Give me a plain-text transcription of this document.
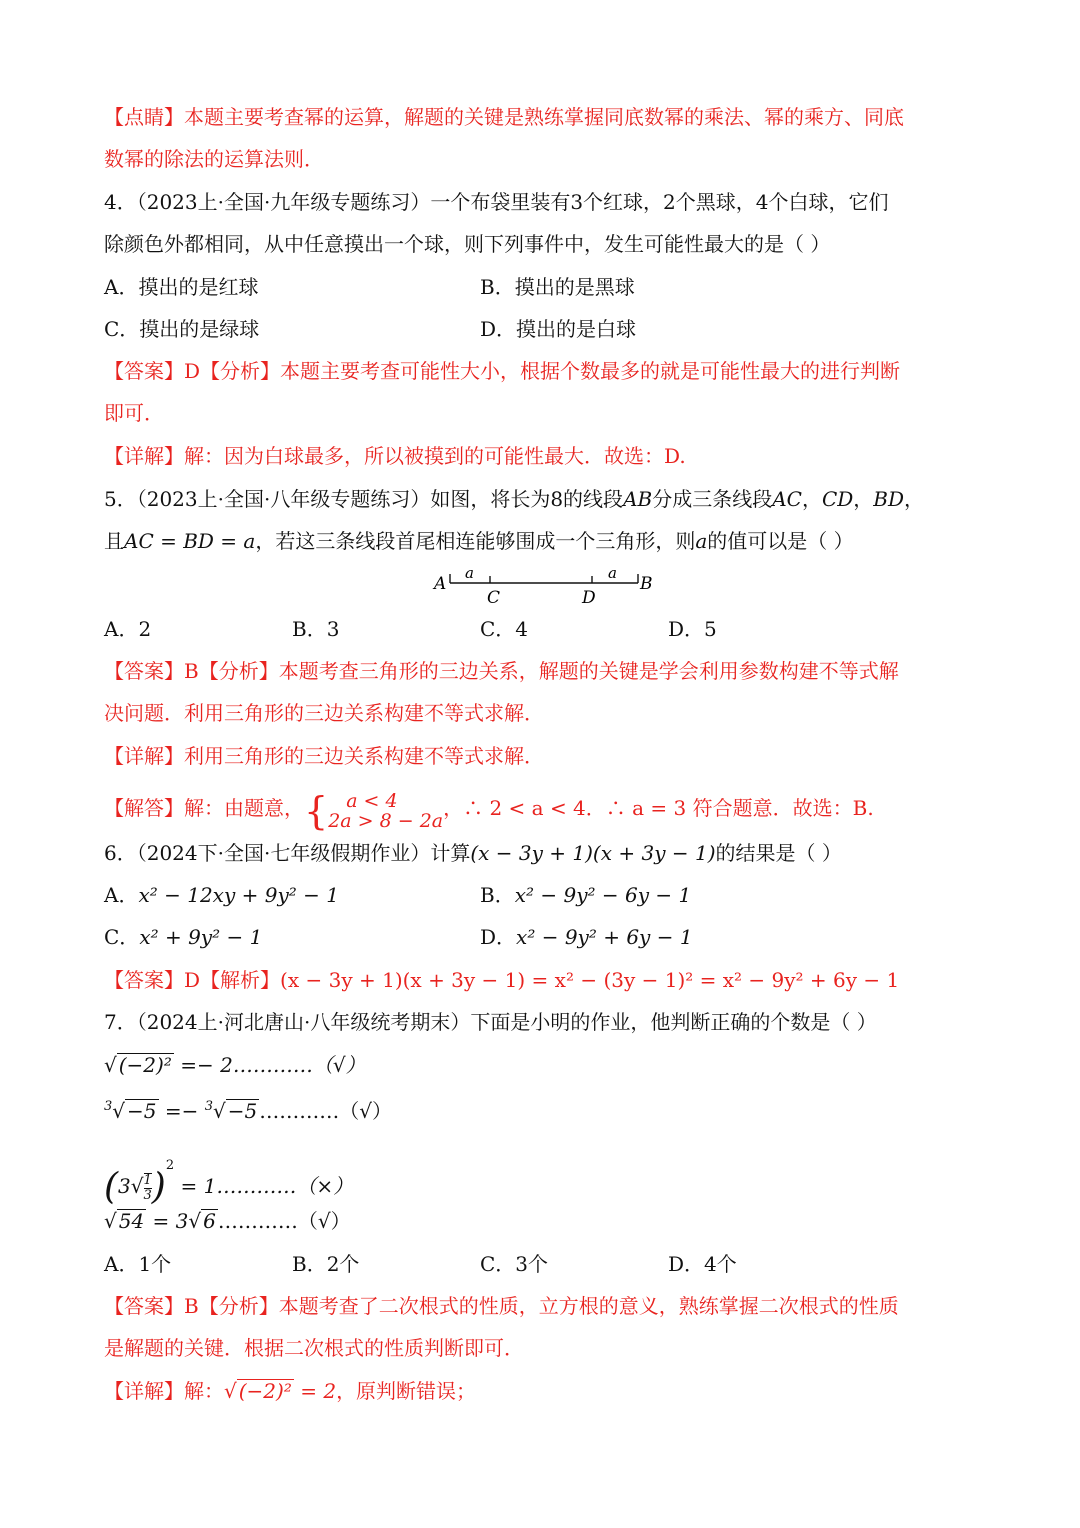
【点睛】本题主要考查幂的运算，解题的关键是熟练掌握同底数幂的乘法、幂的乘方、同底
数幂的除法的运算法则．
4．（2023上·全国·九年级专题练习）一个布袋里装有3个红球，2个黑球，4个白球，它们
除颜色外都相同，从中任意摸出一个球，则下列事件中，发生可能性最大的是（ ）
A．摸出的是红球	B．摸出的是黑球
C．摸出的是绿球	D．摸出的是白球
【答案】D【分析】本题主要考查可能性大小，根据个数最多的就是可能性最大的进行判断
即可．
【详解】解：因为白球最多，所以被摸到的可能性最大．故选：D.
5．（2023上·全国·八年级专题练习）如图，将长为8的线段AB分成三条线段AC，CD，BD，
且AC = BD = a，若这三条线段首尾相连能够围成一个三角形，则a的值可以是（ ）
A	B
a	a
C	D
A．2	B．3	C．4	D．5
【答案】B【分析】本题考查三角形的三边关系，解题的关键是学会利用参数构建不等式解
决问题．利用三角形的三边关系构建不等式求解．
【详解】利用三角形的三边关系构建不等式求解．
【解答】解：由题意，{ a < 4
2a > 8 − 2a，∴ 2 < a < 4．∴ a = 3 符合题意．故选：B.
6．（2024下·全国·七年级假期作业）计算(x − 3y + 1)(x + 3y − 1)的结果是（ ）
A．x² − 12xy + 9y² − 1	B．x² − 9y² − 6y − 1
C．x² + 9y² − 1	D．x² − 9y² + 6y − 1
【答案】D【解析】(x − 3y + 1)(x + 3y − 1) = x² − (3y − 1)² = x² − 9y² + 6y − 1
7．（2024上·河北唐山·八年级统考期末）下面是小明的作业，他判断正确的个数是（ ）
√ (−2)² =− 2…………（√）
$^3$√ −5 =− $^3$√ −5 …………（√）
$(3√ \frac{1}{3} )^2$ = 1…………（×）
√ 54 = 3√ 6 …………（√）
A．1个	B．2个	C．3个	D．4个
【答案】B【分析】本题考查了二次根式的性质，立方根的意义，熟练掌握二次根式的性质
是解题的关键．根据二次根式的性质判断即可．
【详解】解：√ (−2)² = 2，原判断错误；
